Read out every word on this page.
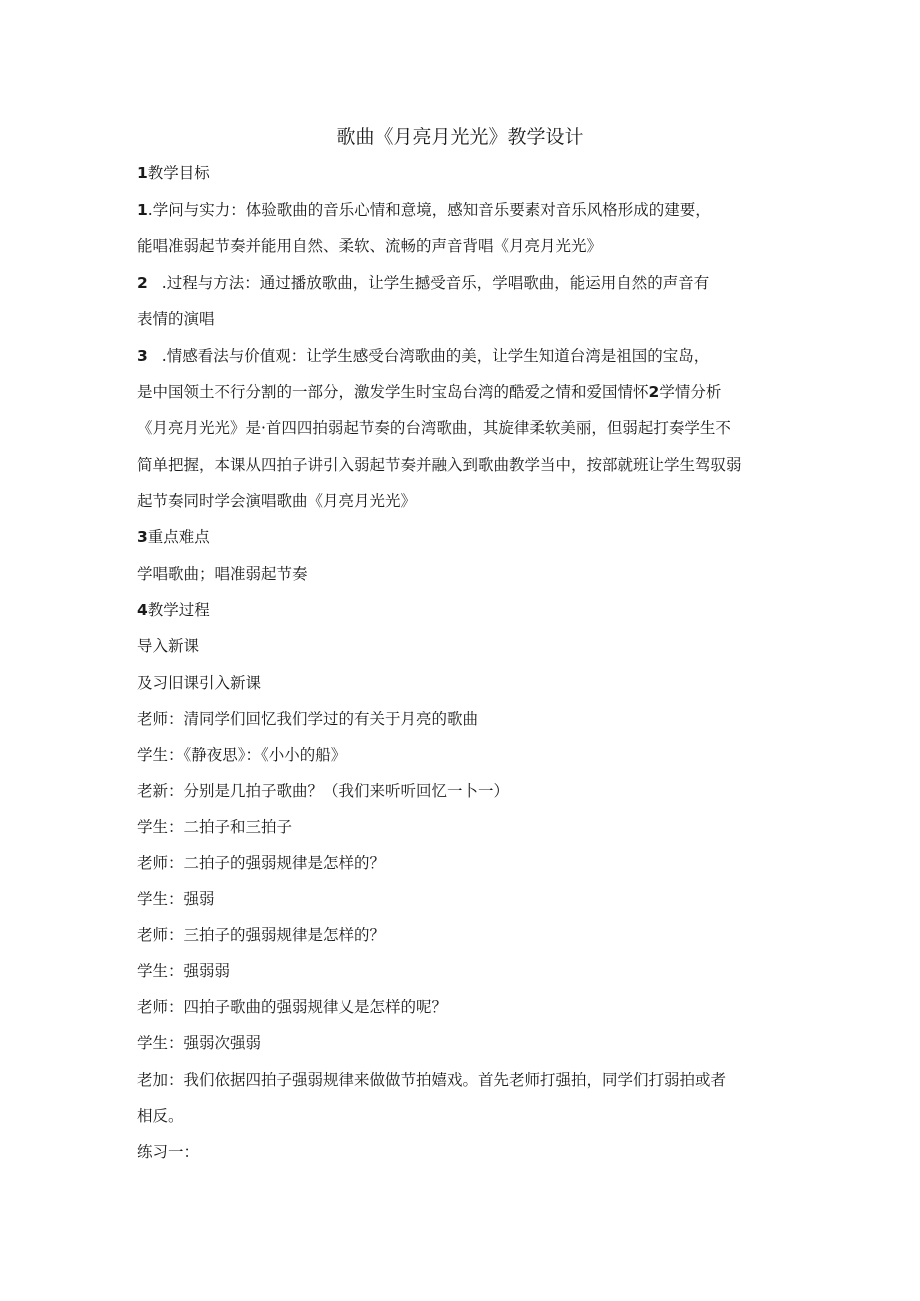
歌曲《月亮月光光》教学设计
1教学目标
1.学问与实力：体验歌曲的音乐心情和意境，感知音乐要素对音乐风格形成的建要，
能唱准弱起节奏并能用自然、柔软、流畅的声音背唱《月亮月光光》
2 .过程与方法：通过播放歌曲，让学生撼受音乐，学唱歌曲，能运用自然的声音有
表情的演唱
3 .情感看法与价值观：让学生感受台湾歌曲的美，让学生知道台湾是祖国的宝岛，
是中国领土不行分割的一部分，激发学生时宝岛台湾的酷爱之情和爱国情怀2学情分析
《月亮月光光》是·首四四拍弱起节奏的台湾歌曲，其旋律柔软美丽，但弱起打奏学生不
简单把握，本课从四拍子讲引入弱起节奏并融入到歌曲教学当中，按部就班让学生驾驭弱
起节奏同时学会演唱歌曲《月亮月光光》
3重点难点
学唱歌曲；唱准弱起节奏
4教学过程
导入新课
及习旧课引入新课
老师：清同学们回忆我们学过的有关于月亮的歌曲
学生：《静夜思》：《小小的船》
老新：分别是几拍子歌曲？（我们来听听回忆一卜一）
学生：二拍子和三拍子
老师：二拍子的强弱规律是怎样的？
学生：强弱
老师：三拍子的强弱规律是怎样的？
学生：强弱弱
老师：四拍子歌曲的强弱规律乂是怎样的呢？
学生：强弱次强弱
老加：我们依据四拍子强弱规律来做做节拍嬉戏。首先老师打强拍，同学们打弱拍或者
相反。
练习一：
